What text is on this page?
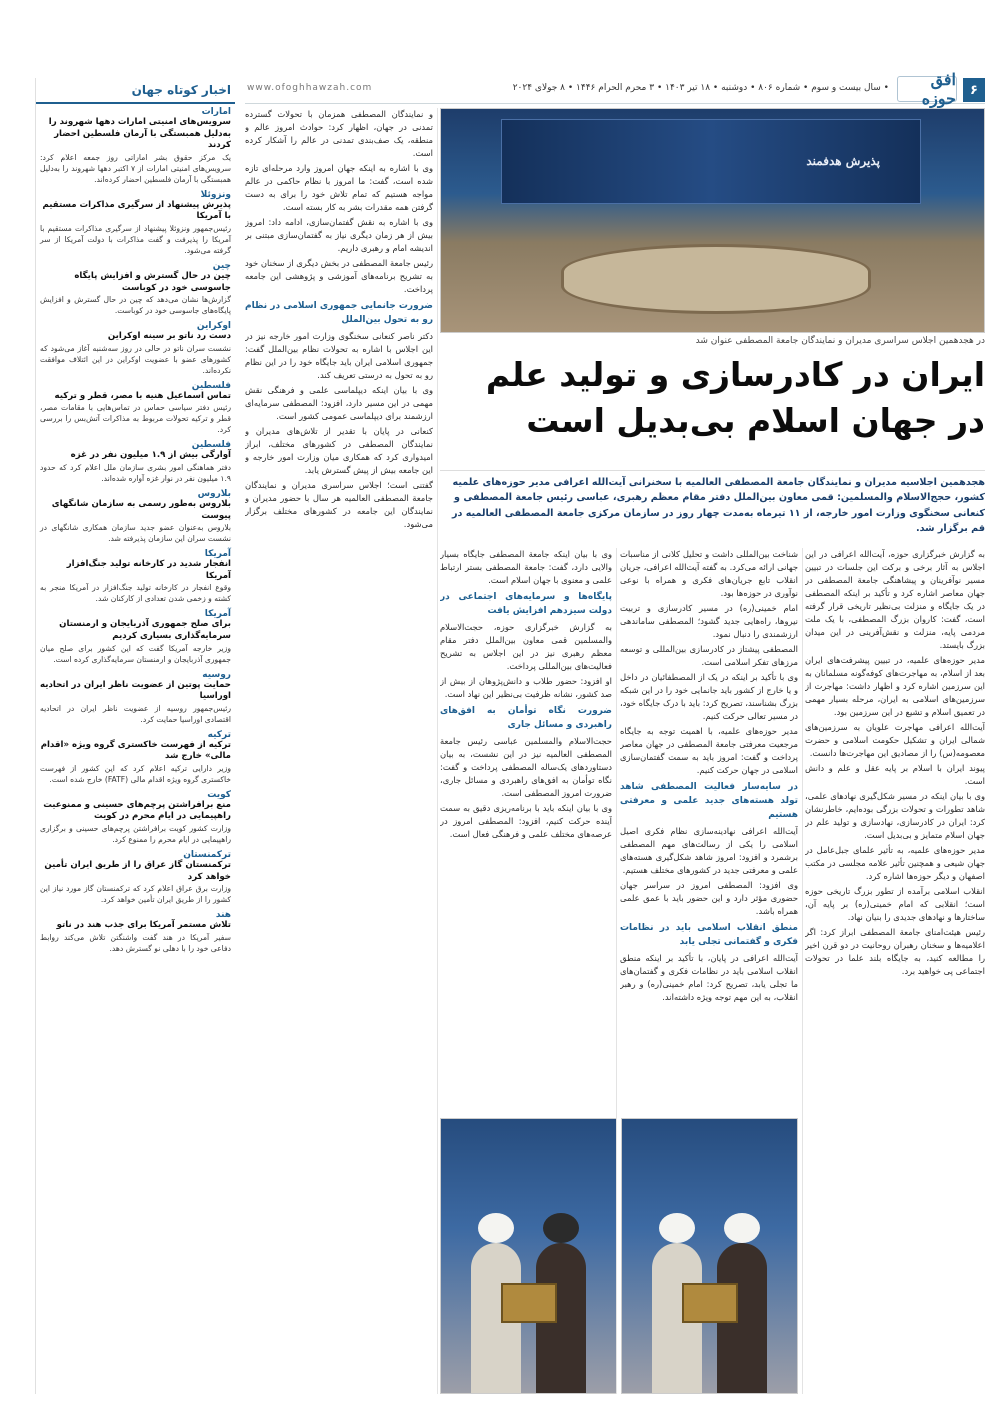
۶
افق حوزه
• سال بیست و سوم • شماره ۸۰۶ • دوشنبه • ۱۸ تیر ۱۴۰۳ • ۳ محرم الحرام ۱۴۴۶ • ۸ جولای ۲۰۲۴
www.ofoghhawzah.com
پذیرش هدفمند
در هجدهمین اجلاس سراسری مدیران و نمایندگان جامعة المصطفی عنوان شد
ایران در کادرسازی و تولید علم در جهان اسلام بی‌بدیل است
هجدهمین اجلاسیه مدیران و نمایندگان جامعة المصطفی العالمیه با سخنرانی آیت‌الله اعرافی مدیر حوزه‌های علمیه کشور، حجج‌الاسلام والمسلمین: قمی معاون بین‌الملل دفتر مقام معظم رهبری، عباسی رئیس جامعة المصطفی و کنعانی سخنگوی وزارت امور خارجه، از ۱۱ تیرماه به‌مدت چهار روز در سازمان مرکزی جامعة المصطفی العالمیه در قم برگزار شد.

به گزارش خبرگزاری حوزه، آیت‌الله اعرافی در این اجلاس به آثار برخی و برکت این جلسات در تبیین مسیر نوآفرینان و پیشاهنگی جامعة المصطفی در جهان معاصر اشاره کرد و تأکید بر اینکه المصطفی در یک جایگاه و منزلت بی‌نظیر تاریخی قرار گرفته است، گفت: کاروان بزرگ المصطفی، با یک ملت مردمی پایه، منزلت و نقش‌آفرینی در این میدان بزرگ بایستد.

مدیر حوزه‌های علمیه، در تبیین پیشرفت‌های ایران بعد از اسلام، به مهاجرت‌های کوفه‌گونه مسلمانان به این سرزمین اشاره کرد و اظهار داشت: مهاجرت از سرزمین‌های اسلامی به ایران، مرحله بسیار مهمی در تعمیق اسلام و تشیع در این سرزمین بود.

آیت‌الله اعرافی مهاجرت علویان به سرزمین‌های شمالی ایران و تشکیل حکومت اسلامی و حضرت معصومه(س) را از مصادیق این مهاجرت‌ها دانست.

پیوند ایران با اسلام بر پایه عقل و علم و دانش است.

وی با بیان اینکه در مسیر شکل‌گیری نهادهای علمی، شاهد تطورات و تحولات بزرگی بوده‌ایم، خاطرنشان کرد: ایران در کادرسازی، نهادسازی و تولید علم در جهان اسلام متمایز و بی‌بدیل است.

مدیر حوزه‌های علمیه، به تأثیر علمای جبل‌عامل در جهان شیعی و همچنین تأثیر علامه مجلسی در مکتب اصفهان و دیگر حوزه‌ها اشاره کرد.

انقلاب اسلامی برآمده از تطور بزرگ تاریخی حوزه است؛ انقلابی که امام خمینی(ره) بر پایه آن، ساختارها و نهادهای جدیدی را بنیان نهاد.

رئیس هیئت‌امنای جامعة المصطفی ابراز کرد: اگر اعلامیه‌ها و سخنان رهبران روحانیت در دو قرن اخیر را مطالعه کنید، به جایگاه بلند علما در تحولات اجتماعی پی خواهید برد.

شناخت بین‌المللی داشت و تحلیل کلانی از مناسبات جهانی ارائه می‌کرد. به گفته آیت‌الله اعرافی، جریان انقلاب تابع جریان‌های فکری و همراه با نوعی نوآوری در حوزه‌ها بود.

امام خمینی(ره) در مسیر کادرسازی و تربیت نیروها، راه‌هایی جدید گشود؛ المصطفی ساماندهی ارزشمندی را دنبال نمود.

المصطفی پیشتاز در کادرسازی بین‌المللی و توسعه مرزهای تفکر اسلامی است.

وی با تأکید بر اینکه در یک از المصطفائیان در داخل و یا خارج از کشور باید جانمایی خود را در این شبکه بزرگ بشناسند، تصریح کرد: باید با درک جایگاه خود، در مسیر تعالی حرکت کنیم.

مدیر حوزه‌های علمیه، با اهمیت توجه به جایگاه مرجعیت معرفتی جامعة المصطفی در جهان معاصر پرداخت و گفت: امروز باید به سمت گفتمان‌سازی اسلامی در جهان حرکت کنیم.

در سایه‌سار فعالیت المصطفی شاهد تولد هسته‌های جدید علمی و معرفتی هستیم

آیت‌الله اعرافی نهادینه‌سازی نظام فکری اصیل اسلامی را یکی از رسالت‌های مهم المصطفی برشمرد و افزود: امروز شاهد شکل‌گیری هسته‌های علمی و معرفتی جدید در کشورهای مختلف هستیم.

وی افزود: المصطفی امروز در سراسر جهان حضوری مؤثر دارد و این حضور باید با عمق علمی همراه باشد.

منطق انقلاب اسلامی باید در نظامات فکری و گفتمانی تجلی یابد

آیت‌الله اعرافی در پایان، با تأکید بر اینکه منطق انقلاب اسلامی باید در نظامات فکری و گفتمان‌های ما تجلی یابد، تصریح کرد: امام خمینی(ره) و رهبر انقلاب، به این مهم توجه ویژه داشته‌اند.

وی با بیان اینکه جامعة المصطفی جایگاه بسیار والایی دارد، گفت: جامعة المصطفی بستر ارتباط علمی و معنوی با جهان اسلام است.

پایگاه‌ها و سرمایه‌های اجتماعی در دولت سیزدهم افزایش یافت

به گزارش خبرگزاری حوزه، حجت‌الاسلام والمسلمین قمی معاون بین‌الملل دفتر مقام معظم رهبری نیز در این اجلاس به تشریح فعالیت‌های بین‌المللی پرداخت.

او افزود: حضور طلاب و دانش‌پژوهان از بیش از صد کشور، نشانه ظرفیت بی‌نظیر این نهاد است.

ضرورت نگاه توأمان به افق‌های راهبردی و مسائل جاری

حجت‌الاسلام والمسلمین عباسی رئیس جامعة المصطفی العالمیه نیز در این نشست، به بیان دستاوردهای یک‌ساله المصطفی پرداخت و گفت: نگاه توأمان به افق‌های راهبردی و مسائل جاری، ضرورت امروز المصطفی است.

وی با بیان اینکه باید با برنامه‌ریزی دقیق به سمت آینده حرکت کنیم، افزود: المصطفی امروز در عرصه‌های مختلف علمی و فرهنگی فعال است.

و نمایندگان المصطفی همزمان با تحولات گسترده تمدنی در جهان، اظهار کرد: حوادث امروز عالم و منطقه، یک صف‌بندی تمدنی در عالم را آشکار کرده است.

وی با اشاره به اینکه جهان امروز وارد مرحله‌ای تازه شده است، گفت: ما امروز با نظام حاکمی در عالم مواجه هستیم که تمام تلاش خود را برای به دست گرفتن همه مقدرات بشر به کار بسته است.

وی با اشاره به نقش گفتمان‌سازی، ادامه داد: امروز بیش از هر زمان دیگری نیاز به گفتمان‌سازی مبتنی بر اندیشه امام و رهبری داریم.

رئیس جامعة المصطفی در بخش دیگری از سخنان خود به تشریح برنامه‌های آموزشی و پژوهشی این جامعه پرداخت.

ضرورت جانمایی جمهوری اسلامی در نظام رو به تحول بین‌الملل

دکتر ناصر کنعانی سخنگوی وزارت امور خارجه نیز در این اجلاس با اشاره به تحولات نظام بین‌الملل گفت: جمهوری اسلامی ایران باید جایگاه خود را در این نظام رو به تحول به درستی تعریف کند.

وی با بیان اینکه دیپلماسی علمی و فرهنگی نقش مهمی در این مسیر دارد، افزود: المصطفی سرمایه‌ای ارزشمند برای دیپلماسی عمومی کشور است.

کنعانی در پایان با تقدیر از تلاش‌های مدیران و نمایندگان المصطفی در کشورهای مختلف، ابراز امیدواری کرد که همکاری میان وزارت امور خارجه و این جامعه بیش از پیش گسترش یابد.

گفتنی است؛ اجلاس سراسری مدیران و نمایندگان جامعة المصطفی العالمیه هر سال با حضور مدیران و نمایندگان این جامعه در کشورهای مختلف برگزار می‌شود.

اخبار کوتاه جهان
امارات
سرویس‌های امنیتی امارات دهها شهروند را به‌دلیل همبستگی با آرمان فلسطین احضار کردند
یک مرکز حقوق بشر اماراتی روز جمعه اعلام کرد: سرویس‌های امنیتی امارات از ۷ اکتبر دهها شهروند را به‌دلیل همبستگی با آرمان فلسطین احضار کرده‌اند.
ونزوئلا
پذیرش پیشنهاد از سرگیری مذاکرات مستقیم با آمریکا
رئیس‌جمهور ونزوئلا پیشنهاد از سرگیری مذاکرات مستقیم با آمریکا را پذیرفت و گفت مذاکرات با دولت آمریکا از سر گرفته می‌شود.
چین
چین در حال گسترش و افزایش پایگاه جاسوسی خود در کوباست
گزارش‌ها نشان می‌دهد که چین در حال گسترش و افزایش پایگاه‌های جاسوسی خود در کوباست.
اوکراین
دست رد ناتو بر سینه اوکراین
نشست سران ناتو در حالی در روز سه‌شنبه آغاز می‌شود که کشورهای عضو با عضویت اوکراین در این ائتلاف موافقت نکرده‌اند.
فلسطین
تماس اسماعیل هنیه با مصر، قطر و ترکیه
رئیس دفتر سیاسی حماس در تماس‌هایی با مقامات مصر، قطر و ترکیه تحولات مربوط به مذاکرات آتش‌بس را بررسی کرد.
فلسطین
آوارگی بیش از ۱.۹ میلیون نفر در غزه
دفتر هماهنگی امور بشری سازمان ملل اعلام کرد که حدود ۱.۹ میلیون نفر در نوار غزه آواره شده‌اند.
بلاروس
بلاروس به‌طور رسمی به سازمان شانگهای پیوست
بلاروس به‌عنوان عضو جدید سازمان همکاری شانگهای در نشست سران این سازمان پذیرفته شد.
آمریکا
انفجار شدید در کارخانه تولید جنگ‌افزار آمریکا
وقوع انفجار در کارخانه تولید جنگ‌افزار در آمریکا منجر به کشته و زخمی شدن تعدادی از کارکنان شد.
آمریکا
برای صلح جمهوری آذربایجان و ارمنستان سرمایه‌گذاری بسیاری کردیم
وزیر خارجه آمریکا گفت که این کشور برای صلح میان جمهوری آذربایجان و ارمنستان سرمایه‌گذاری کرده است.
روسیه
حمایت پوتین از عضویت ناظر ایران در اتحادیه اوراسیا
رئیس‌جمهور روسیه از عضویت ناظر ایران در اتحادیه اقتصادی اوراسیا حمایت کرد.
ترکیه
ترکیه از فهرست خاکستری گروه ویژه «اقدام مالی» خارج شد
وزیر دارایی ترکیه اعلام کرد که این کشور از فهرست خاکستری گروه ویژه اقدام مالی (FATF) خارج شده است.
کویت
منع برافراشتن پرچم‌های حسینی و ممنوعیت راهپیمایی در ایام محرم در کویت
وزارت کشور کویت برافراشتن پرچم‌های حسینی و برگزاری راهپیمایی در ایام محرم را ممنوع کرد.
ترکمنستان
ترکمنستان گاز عراق را از طریق ایران تأمین خواهد کرد
وزارت برق عراق اعلام کرد که ترکمنستان گاز مورد نیاز این کشور را از طریق ایران تأمین خواهد کرد.
هند
تلاش مستمر آمریکا برای جذب هند در ناتو
سفیر آمریکا در هند گفت واشنگتن تلاش می‌کند روابط دفاعی خود را با دهلی نو گسترش دهد.
